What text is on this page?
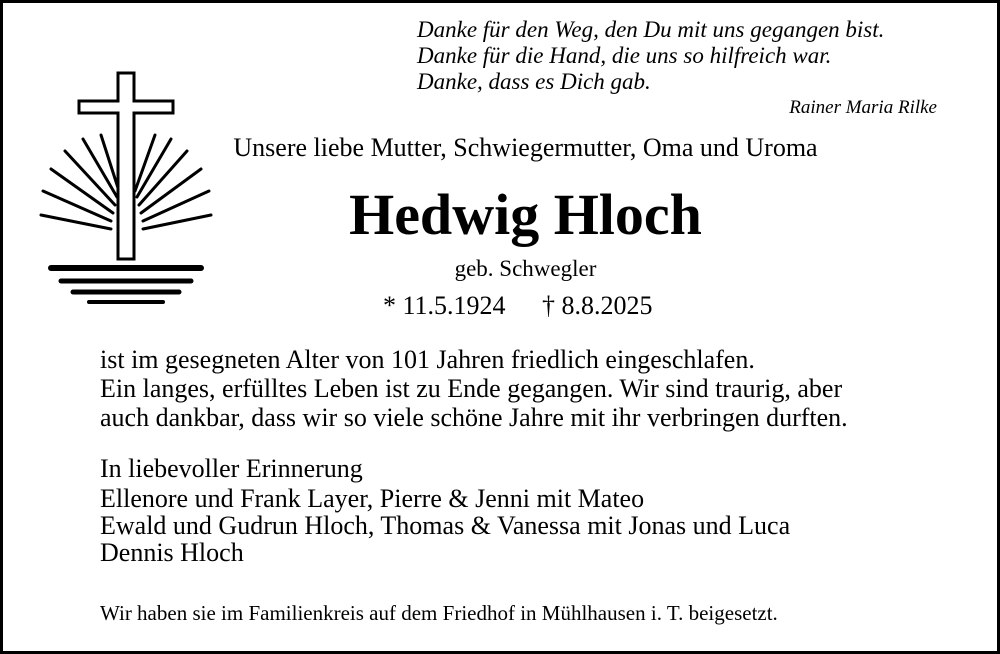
Danke für den Weg, den Du mit uns gegangen bist.
Danke für die Hand, die uns so hilfreich war.
Danke, dass es Dich gab.
Rainer Maria Rilke
Unsere liebe Mutter, Schwiegermutter, Oma und Uroma
Hedwig Hloch
geb. Schwegler
* 11.5.1924 † 8.8.2025
ist im gesegneten Alter von 101 Jahren friedlich eingeschlafen.
Ein langes, erfülltes Leben ist zu Ende gegangen. Wir sind traurig, aber
auch dankbar, dass wir so viele schöne Jahre mit ihr verbringen durften.
In liebevoller Erinnerung
Ellenore und Frank Layer, Pierre & Jenni mit Mateo
Ewald und Gudrun Hloch, Thomas & Vanessa mit Jonas und Luca
Dennis Hloch
Wir haben sie im Familienkreis auf dem Friedhof in Mühlhausen i. T. beigesetzt.
